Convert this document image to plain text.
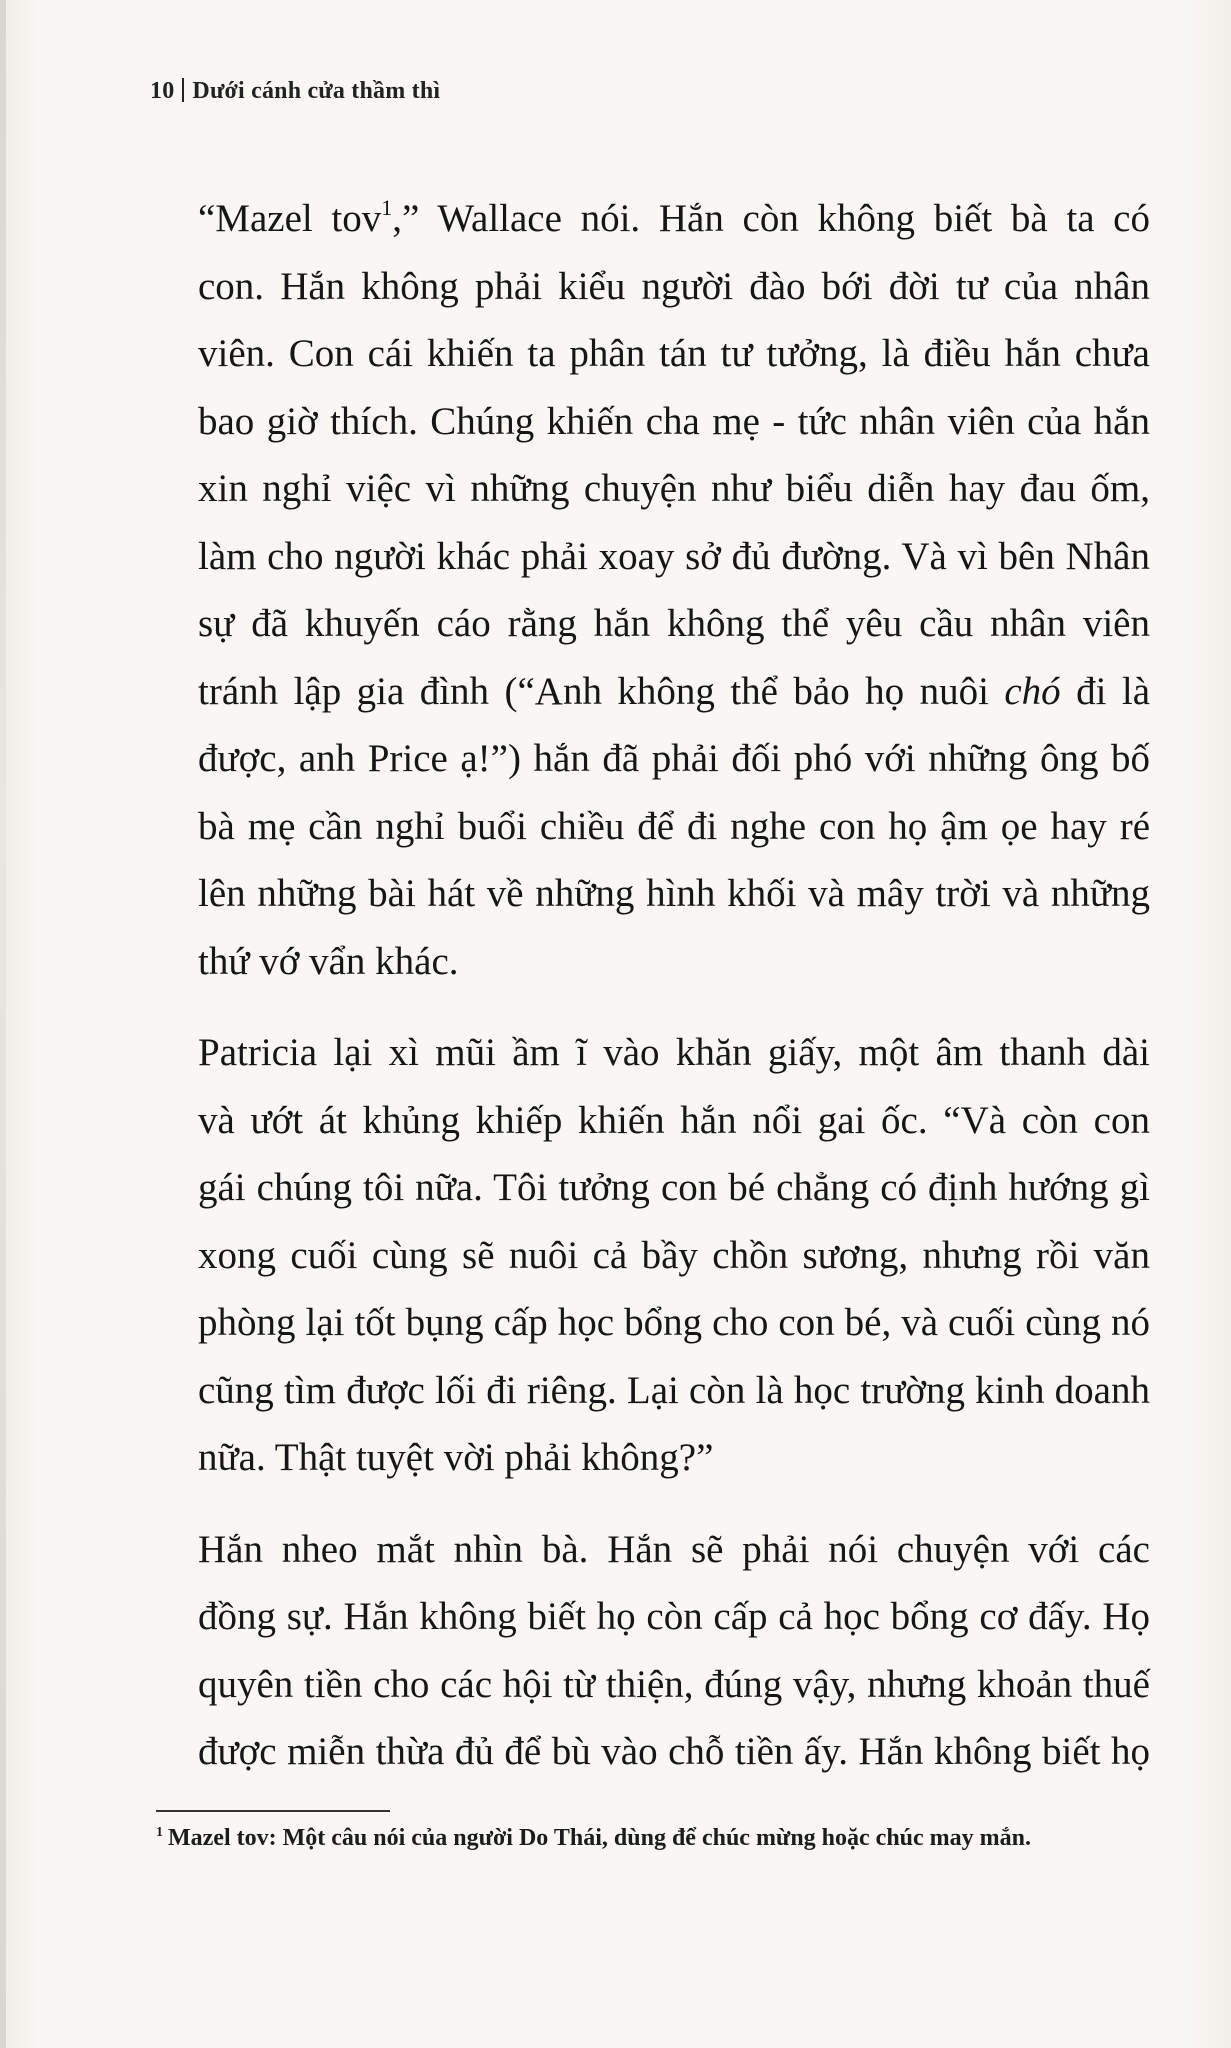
10 Dưới cánh cửa thầm thì
“Mazel tov$^1$,” Wallace nói. Hắn còn không biết bà ta có
con. Hắn không phải kiểu người đào bới đời tư của nhân
viên. Con cái khiến ta phân tán tư tưởng, là điều hắn chưa
bao giờ thích. Chúng khiến cha mẹ - tức nhân viên của hắn
xin nghỉ việc vì những chuyện như biểu diễn hay đau ốm,
làm cho người khác phải xoay sở đủ đường. Và vì bên Nhân
sự đã khuyến cáo rằng hắn không thể yêu cầu nhân viên
tránh lập gia đình (“Anh không thể bảo họ nuôi chó đi là
được, anh Price ạ!”) hắn đã phải đối phó với những ông bố
bà mẹ cần nghỉ buổi chiều để đi nghe con họ ậm ọe hay ré
lên những bài hát về những hình khối và mây trời và những
thứ vớ vẩn khác.
Patricia lại xì mũi ầm ĩ vào khăn giấy, một âm thanh dài
và ướt át khủng khiếp khiến hắn nổi gai ốc. “Và còn con
gái chúng tôi nữa. Tôi tưởng con bé chẳng có định hướng gì
xong cuối cùng sẽ nuôi cả bầy chồn sương, nhưng rồi văn
phòng lại tốt bụng cấp học bổng cho con bé, và cuối cùng nó
cũng tìm được lối đi riêng. Lại còn là học trường kinh doanh
nữa. Thật tuyệt vời phải không?”
Hắn nheo mắt nhìn bà. Hắn sẽ phải nói chuyện với các
đồng sự. Hắn không biết họ còn cấp cả học bổng cơ đấy. Họ
quyên tiền cho các hội từ thiện, đúng vậy, nhưng khoản thuế
được miễn thừa đủ để bù vào chỗ tiền ấy. Hắn không biết họ
$^1$ Mazel tov: Một câu nói của người Do Thái, dùng để chúc mừng hoặc chúc may mắn.
